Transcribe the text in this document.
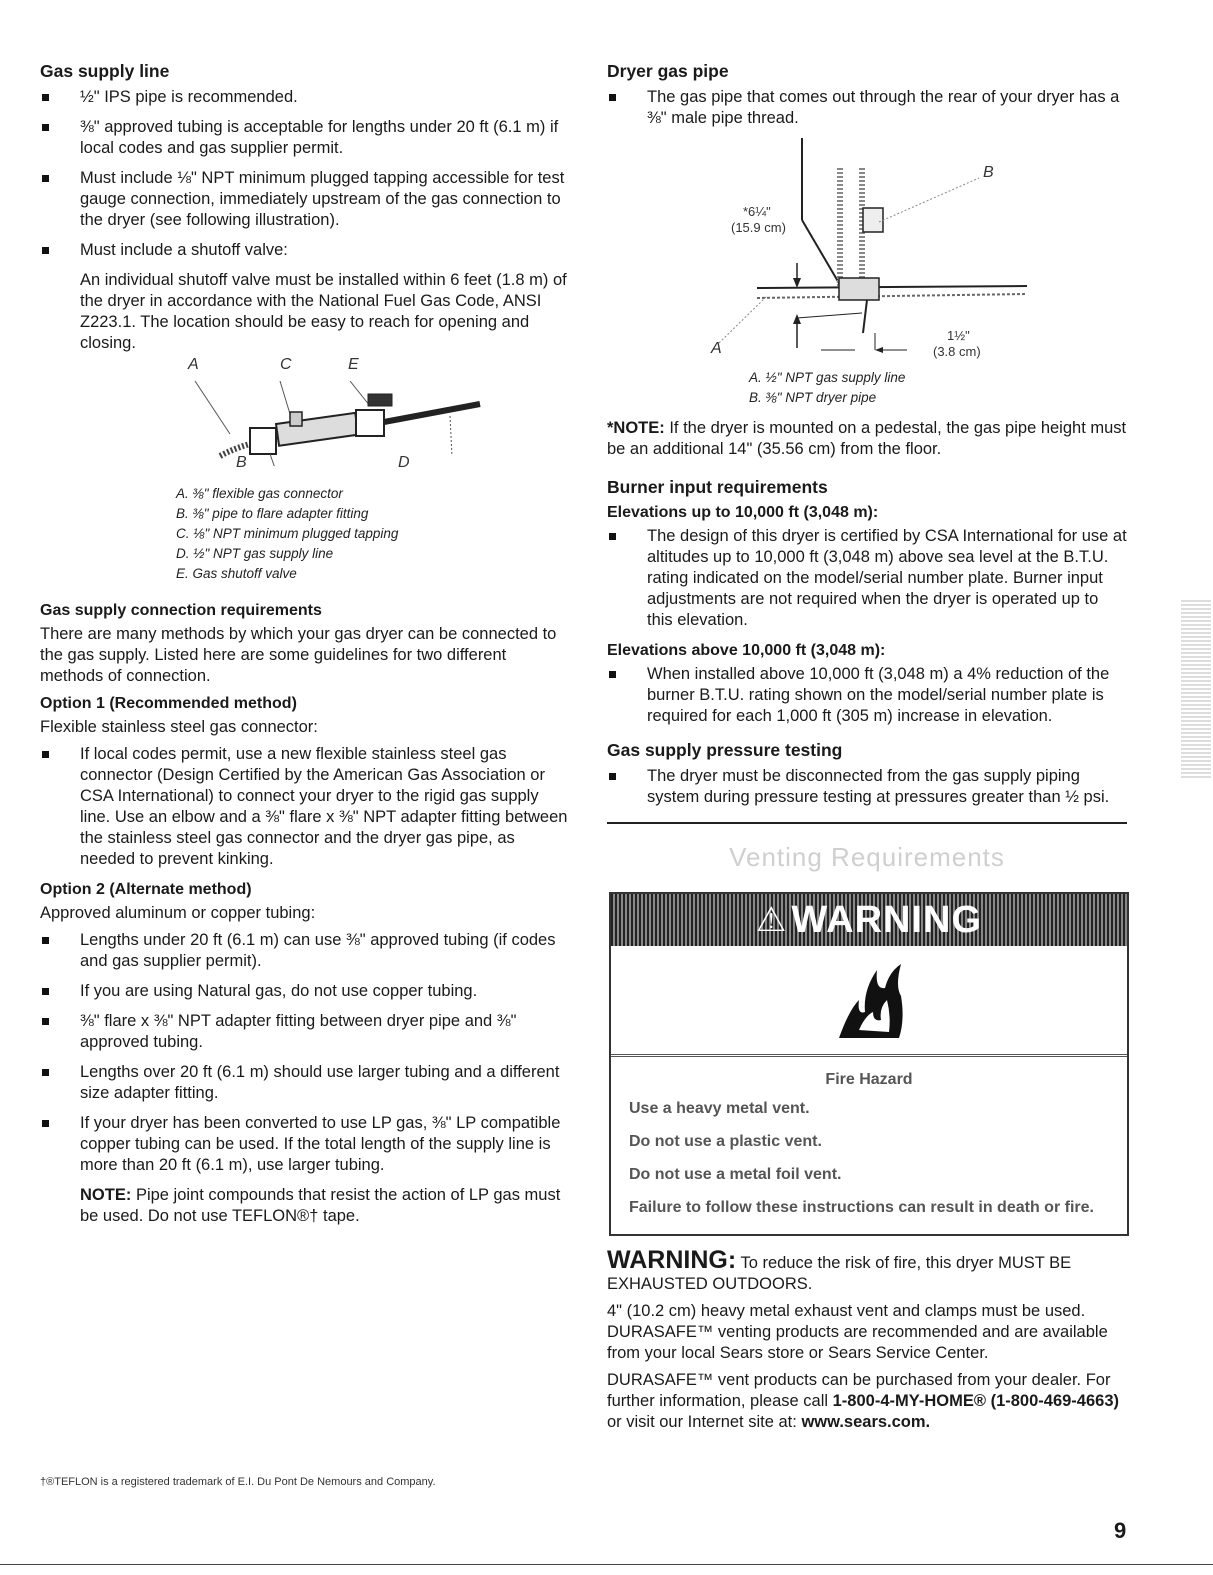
Gas supply line
½" IPS pipe is recommended.
⅜" approved tubing is acceptable for lengths under 20 ft (6.1 m) if local codes and gas supplier permit.
Must include ⅛" NPT minimum plugged tapping accessible for test gauge connection, immediately upstream of the gas connection to the dryer (see following illustration).
Must include a shutoff valve:
An individual shutoff valve must be installed within 6 feet (1.8 m) of the dryer in accordance with the National Fuel Gas Code, ANSI Z223.1. The location should be easy to reach for opening and closing.
A	C	E
B	D
A. ⅜" flexible gas connector
B. ⅜" pipe to flare adapter fitting
C. ⅛" NPT minimum plugged tapping
D. ½" NPT gas supply line
E. Gas shutoff valve
Gas supply connection requirements
There are many methods by which your gas dryer can be connected to the gas supply. Listed here are some guidelines for two different methods of connection.
Option 1 (Recommended method)
Flexible stainless steel gas connector:
If local codes permit, use a new flexible stainless steel gas connector (Design Certified by the American Gas Association or CSA International) to connect your dryer to the rigid gas supply line. Use an elbow and a ⅜" flare x ⅜" NPT adapter fitting between the stainless steel gas connector and the dryer gas pipe, as needed to prevent kinking.
Option 2 (Alternate method)
Approved aluminum or copper tubing:
Lengths under 20 ft (6.1 m) can use ⅜" approved tubing (if codes and gas supplier permit).
If you are using Natural gas, do not use copper tubing.
⅜" flare x ⅜" NPT adapter fitting between dryer pipe and ⅜" approved tubing.
Lengths over 20 ft (6.1 m) should use larger tubing and a different size adapter fitting.
If your dryer has been converted to use LP gas, ⅜" LP compatible copper tubing can be used. If the total length of the supply line is more than 20 ft (6.1 m), use larger tubing.
NOTE: Pipe joint compounds that resist the action of LP gas must be used. Do not use TEFLON®† tape.
†®TEFLON is a registered trademark of E.I. Du Pont De Nemours and Company.
Dryer gas pipe
The gas pipe that comes out through the rear of your dryer has a ⅜" male pipe thread.
*6¼"
(15.9 cm)
B
A
1½"
(3.8 cm)
A. ½" NPT gas supply line
B. ⅜" NPT dryer pipe
*NOTE: If the dryer is mounted on a pedestal, the gas pipe height must be an additional 14" (35.56 cm) from the floor.
Burner input requirements
Elevations up to 10,000 ft (3,048 m):
The design of this dryer is certified by CSA International for use at altitudes up to 10,000 ft (3,048 m) above sea level at the B.T.U. rating indicated on the model/serial number plate. Burner input adjustments are not required when the dryer is operated up to this elevation.
Elevations above 10,000 ft (3,048 m):
When installed above 10,000 ft (3,048 m) a 4% reduction of the burner B.T.U. rating shown on the model/serial number plate is required for each 1,000 ft (305 m) increase in elevation.
Gas supply pressure testing
The dryer must be disconnected from the gas supply piping system during pressure testing at pressures greater than ½ psi.
Venting Requirements
⚠ WARNING
Fire Hazard
Use a heavy metal vent.
Do not use a plastic vent.
Do not use a metal foil vent.
Failure to follow these instructions can result in death or fire.
WARNING: To reduce the risk of fire, this dryer MUST BE EXHAUSTED OUTDOORS.
4" (10.2 cm) heavy metal exhaust vent and clamps must be used. DURASAFE™ venting products are recommended and are available from your local Sears store or Sears Service Center.
DURASAFE™ vent products can be purchased from your dealer. For further information, please call 1-800-4-MY-HOME® (1-800-469-4663) or visit our Internet site at: www.sears.com.
9
